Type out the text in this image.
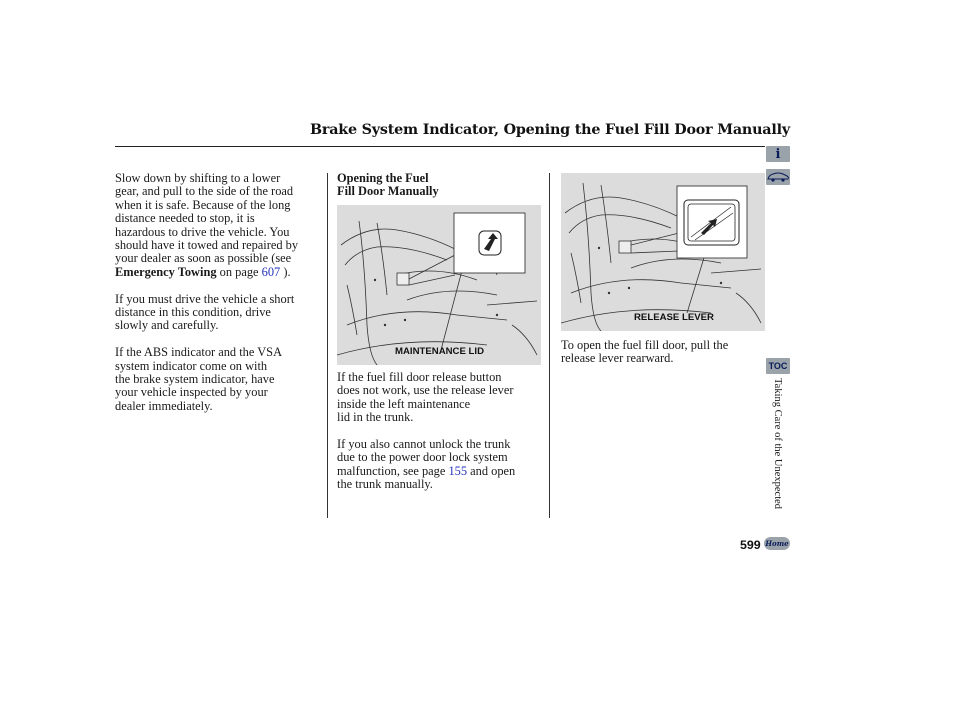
Brake System Indicator, Opening the Fuel Fill Door Manually

Slow down by shifting to a lower
gear, and pull to the side of the road
when it is safe. Because of the long
distance needed to stop, it is
hazardous to drive the vehicle. You
should have it towed and repaired by
your dealer as soon as possible (see
Emergency Towing on page 607 ).

If you must drive the vehicle a short
distance in this condition, drive
slowly and carefully.

If the ABS indicator and the VSA
system indicator come on with
the brake system indicator, have
your vehicle inspected by your
dealer immediately.

Opening the Fuel
Fill Door Manually
MAINTENANCE LID

If the fuel fill door release button
does not work, use the release lever
inside the left maintenance
lid in the trunk.

If you also cannot unlock the trunk
due to the power door lock system
malfunction, see page 155 and open
the trunk manually.

RELEASE LEVER

To open the fuel fill door, pull the
release lever rearward.

i
TOC
Taking Care of the Unexpected
599 Home
